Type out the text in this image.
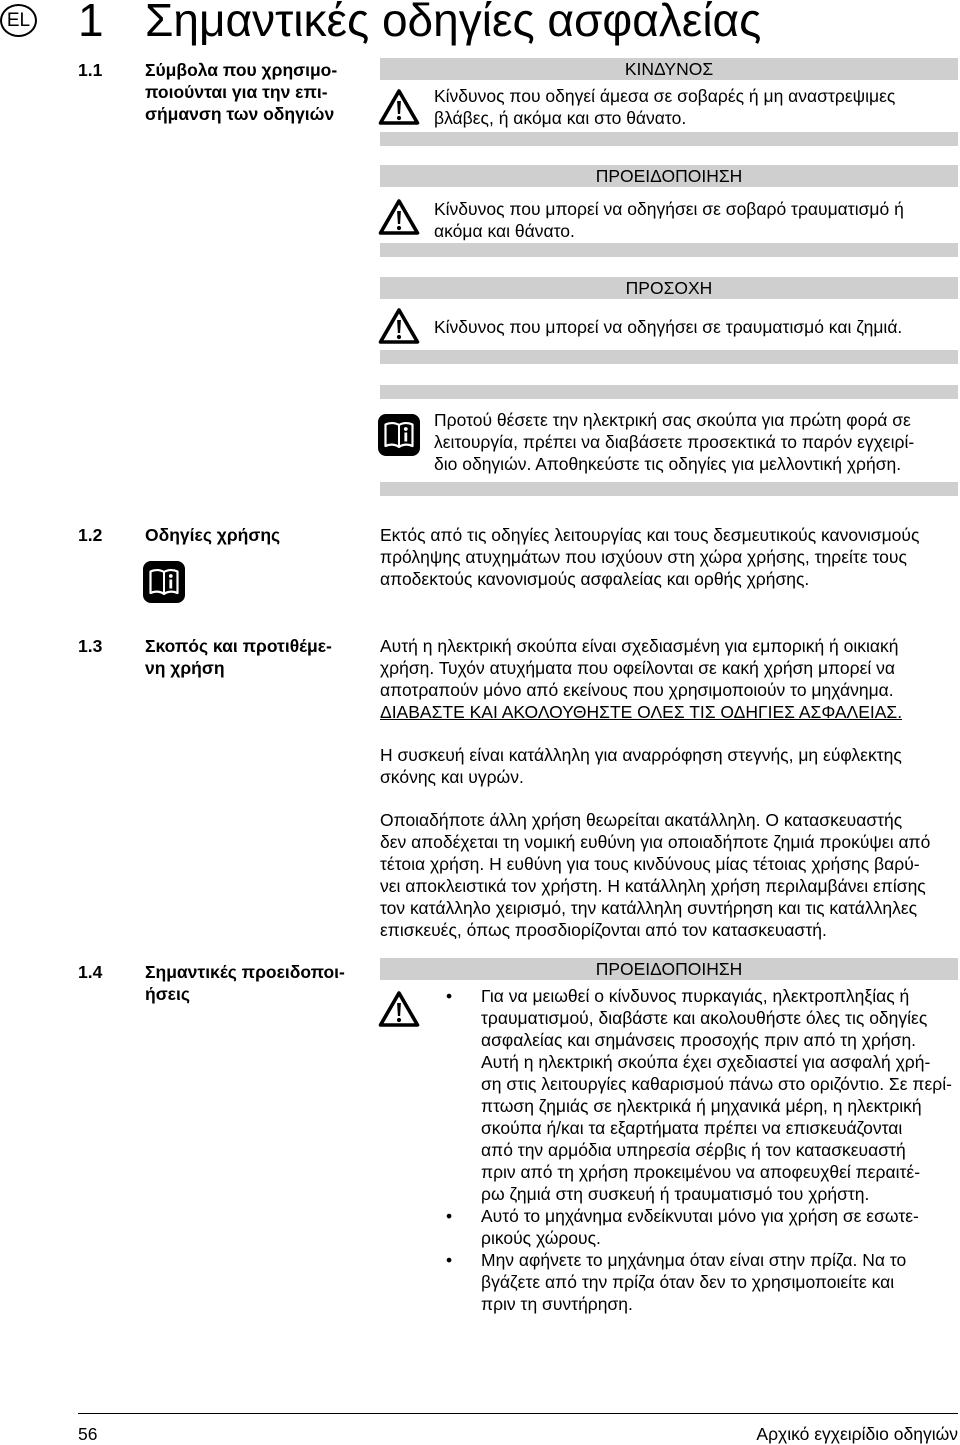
EL 1 Σημαντικές οδηγίες ασφαλείας
1.1	Σύμβολα που χρησιμο-
ποιούνται για την επι-
σήμανση των οδηγιών
ΚΙΝΔΥΝΟΣ
Κίνδυνος που οδηγεί άμεσα σε σοβαρές ή μη αναστρεψιμες
βλάβες, ή ακόμα και στο θάνατο.
ΠΡΟΕΙΔΟΠΟΙΗΣΗ
Κίνδυνος που μπορεί να οδηγήσει σε σοβαρό τραυματισμό ή
ακόμα και θάνατο.
ΠΡΟΣΟΧΗ
Κίνδυνος που μπορεί να οδηγήσει σε τραυματισμό και ζημιά.
Προτού θέσετε την ηλεκτρική σας σκούπα για πρώτη φορά σε
λειτουργία, πρέπει να διαβάσετε προσεκτικά το παρόν εγχειρί-
διο οδηγιών. Αποθηκεύστε τις οδηγίες για μελλοντική χρήση.
1.2	Οδηγίες χρήσης	Εκτός από τις οδηγίες λειτουργίας και τους δεσμευτικούς κανονισμούς
πρόληψης ατυχημάτων που ισχύουν στη χώρα χρήσης, τηρείτε τους
αποδεκτούς κανονισμούς ασφαλείας και ορθής χρήσης.
1.3	Σκοπός και προτιθέμε-
νη χρήση
Αυτή η ηλεκτρική σκούπα είναι σχεδιασμένη για εμπορική ή οικιακή
χρήση. Τυχόν ατυχήματα που οφείλονται σε κακή χρήση μπορεί να
αποτραπούν μόνο από εκείνους που χρησιμοποιούν το μηχάνημα.
ΔΙΑΒΑΣΤΕ ΚΑΙ ΑΚΟΛΟΥΘΗΣΤΕ ΟΛΕΣ ΤΙΣ ΟΔΗΓΙΕΣ ΑΣΦΑΛΕΙΑΣ.
Η συσκευή είναι κατάλληλη για αναρρόφηση στεγνής, μη εύφλεκτης
σκόνης και υγρών.
Οποιαδήποτε άλλη χρήση θεωρείται ακατάλληλη. Ο κατασκευαστής
δεν αποδέχεται τη νομική ευθύνη για οποιαδήποτε ζημιά προκύψει από
τέτοια χρήση. Η ευθύνη για τους κινδύνους μίας τέτοιας χρήσης βαρύ-
νει αποκλειστικά τον χρήστη. Η κατάλληλη χρήση περιλαμβάνει επίσης
τον κατάλληλο χειρισμό, την κατάλληλη συντήρηση και τις κατάλληλες
επισκευές, όπως προσδιορίζονται από τον κατασκευαστή.
1.4	Σημαντικές προειδοποι-
ήσεις
ΠΡΟΕΙΔΟΠΟΙΗΣΗ
•	Για να μειωθεί ο κίνδυνος πυρκαγιάς, ηλεκτροπληξίας ή
τραυματισμού, διαβάστε και ακολουθήστε όλες τις οδηγίες
ασφαλείας και σημάνσεις προσοχής πριν από τη χρήση.
Αυτή η ηλεκτρική σκούπα έχει σχεδιαστεί για ασφαλή χρή-
ση στις λειτουργίες καθαρισμού πάνω στο οριζόντιο. Σε περί-
πτωση ζημιάς σε ηλεκτρικά ή μηχανικά μέρη, η ηλεκτρική
σκούπα ή/και τα εξαρτήματα πρέπει να επισκευάζονται
από την αρμόδια υπηρεσία σέρβις ή τον κατασκευαστή
πριν από τη χρήση προκειμένου να αποφευχθεί περαιτέ-
ρω ζημιά στη συσκευή ή τραυματισμό του χρήστη.
•	Αυτό το μηχάνημα ενδείκνυται μόνο για χρήση σε εσωτε-
ρικούς χώρους.
•	Μην αφήνετε το μηχάνημα όταν είναι στην πρίζα. Να το
βγάζετε από την πρίζα όταν δεν το χρησιμοποιείτε και
πριν τη συντήρηση.
56	Αρχικό εγχειρίδιο οδηγιών
